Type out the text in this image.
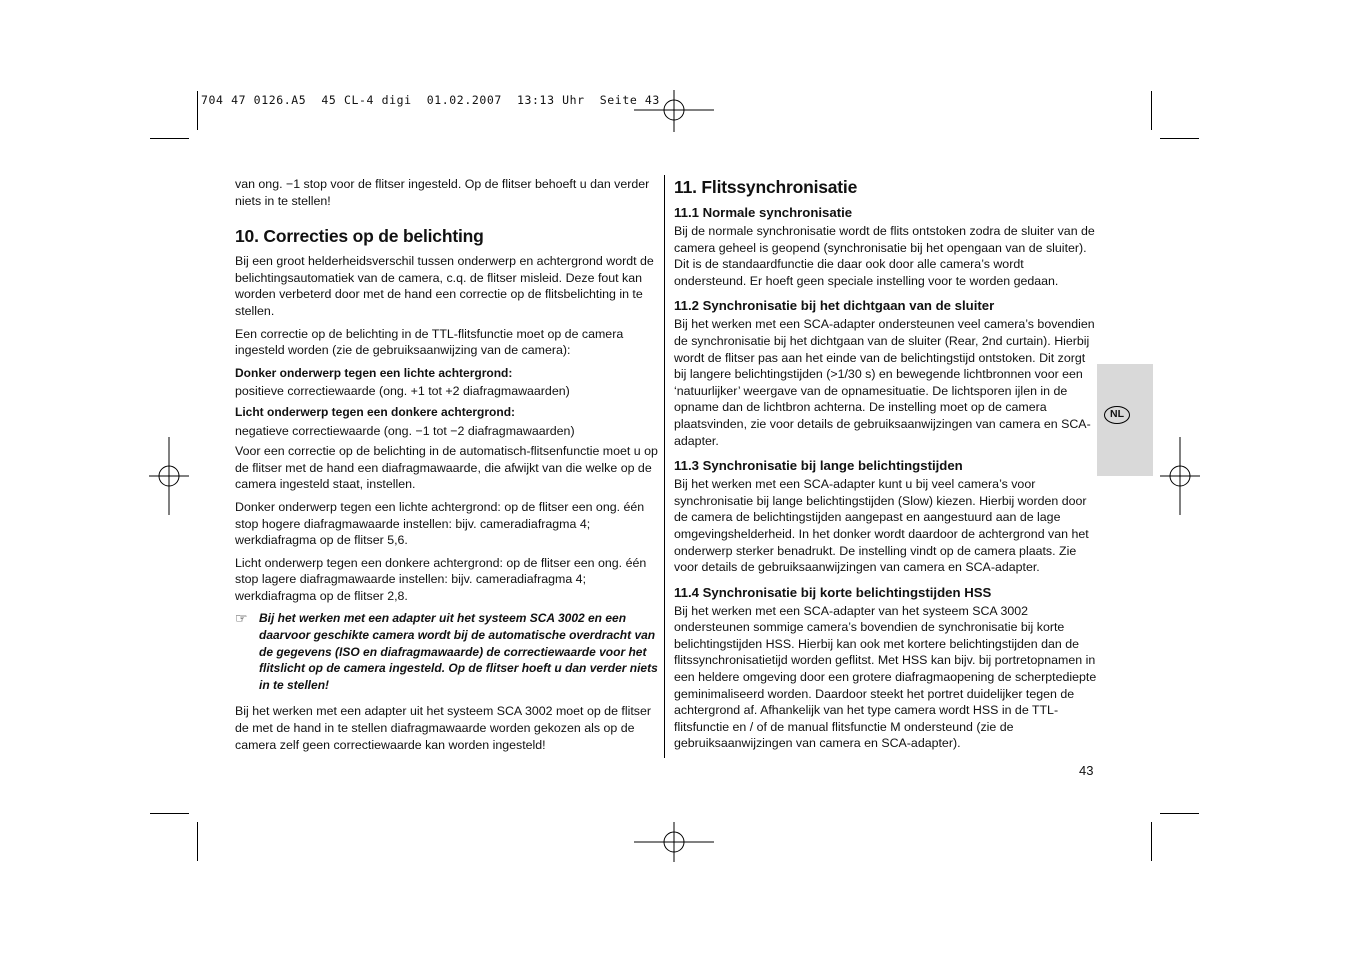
704 47 0126.A5  45 CL-4 digi  01.02.2007  13:13 Uhr  Seite 43

van ong. −1 stop voor de flitser ingesteld. Op de flitser behoeft u dan verder niets in te stellen!

10. Correcties op de belichting

Bij een groot helderheidsverschil tussen onderwerp en achtergrond wordt de belichtingsautomatiek van de camera, c.q. de flitser misleid. Deze fout kan worden verbeterd door met de hand een correctie op de flitsbelichting in te stellen.

Een correctie op de belichting in de TTL-flitsfunctie moet op de camera ingesteld worden (zie de gebruiksaanwijzing van de camera):

Donker onderwerp tegen een lichte achtergrond:

positieve correctiewaarde (ong. +1 tot +2 diafragmawaarden)

Licht onderwerp tegen een donkere achtergrond:

negatieve correctiewaarde (ong. −1 tot −2 diafragmawaarden)

Voor een correctie op de belichting in de automatisch-flitsenfunctie moet u op de flitser met de hand een diafragmawaarde, die afwijkt van die welke op de camera ingesteld staat, instellen.

Donker onderwerp tegen een lichte achtergrond: op de flitser een ong. één stop hogere diafragmawaarde instellen: bijv. cameradiafragma 4; werkdiafragma op de flitser 5,6.

Licht onderwerp tegen een donkere achtergrond: op de flitser een ong. één stop lagere diafragmawaarde instellen: bijv. cameradiafragma 4; werkdiafragma op de flitser 2,8.

☞ Bij het werken met een adapter uit het systeem SCA 3002 en een daarvoor geschikte camera wordt bij de automatische overdracht van de gegevens (ISO en diafragmawaarde) de correctiewaarde voor het flitslicht op de camera ingesteld. Op de flitser hoeft u dan verder niets in te stellen!

Bij het werken met een adapter uit het systeem SCA 3002 moet op de flitser de met de hand in te stellen diafragmawaarde worden gekozen als op de camera zelf geen correctiewaarde kan worden ingesteld!

11. Flitssynchronisatie
11.1 Normale synchronisatie

Bij de normale synchronisatie wordt de flits ontstoken zodra de sluiter van de camera geheel is geopend (synchronisatie bij het opengaan van de sluiter). Dit is de standaardfunctie die daar ook door alle camera’s wordt ondersteund. Er hoeft geen speciale instelling voor te worden gedaan.

11.2 Synchronisatie bij het dichtgaan van de sluiter

Bij het werken met een SCA-adapter ondersteunen veel camera’s bovendien de synchronisatie bij het dichtgaan van de sluiter (Rear, 2nd curtain). Hierbij wordt de flitser pas aan het einde van de belichtingstijd ontstoken. Dit zorgt bij langere belichtingstijden (>1/30 s) en bewegende lichtbronnen voor een ‘natuurlijker’ weergave van de opnamesituatie. De lichtsporen ijlen in de opname dan de lichtbron achterna. De instelling moet op de camera plaatsvinden, zie voor details de gebruiksaanwijzingen van camera en SCA-adapter.

11.3 Synchronisatie bij lange belichtingstijden

Bij het werken met een SCA-adapter kunt u bij veel camera’s voor synchronisatie bij lange belichtingstijden (Slow) kiezen. Hierbij worden door de camera de belichtingstijden aangepast en aangestuurd aan de lage omgevingshelderheid. In het donker wordt daardoor de achtergrond van het onderwerp sterker benadrukt. De instelling vindt op de camera plaats. Zie voor details de gebruiksaanwijzingen van camera en SCA-adapter.

11.4 Synchronisatie bij korte belichtingstijden HSS

Bij het werken met een SCA-adapter van het systeem SCA 3002 ondersteunen sommige camera’s bovendien de synchronisatie bij korte belichtingstijden HSS. Hierbij kan ook met kortere belichtingstijden dan de flitssynchronisatietijd worden geflitst. Met HSS kan bijv. bij portretopnamen in een heldere omgeving door een grotere diafragmaopening de scherptediepte geminimaliseerd worden. Daardoor steekt het portret duidelijker tegen de achtergrond af. Afhankelijk van het type camera wordt HSS in de TTL-flitsfunctie en / of de manual flitsfunctie M ondersteund (zie de gebruiksaanwijzingen van camera en SCA-adapter).

NL
43
